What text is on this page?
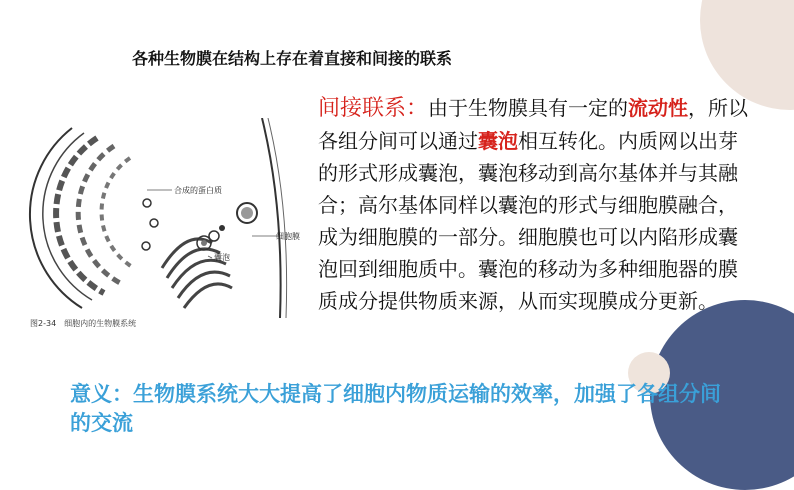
各种生物膜在结构上存在着直接和间接的联系
合成的蛋白质
细胞膜
囊泡
图2-34　细胞内的生物膜系统
间接联系：由于生物膜具有一定的流动性，所以各组分间可以通过囊泡相互转化。内质网以出芽的形式形成囊泡，囊泡移动到高尔基体并与其融合；高尔基体同样以囊泡的形式与细胞膜融合，成为细胞膜的一部分。细胞膜也可以内陷形成囊泡回到细胞质中。囊泡的移动为多种细胞器的膜质成分提供物质来源，从而实现膜成分更新。
意义：生物膜系统大大提高了细胞内物质运输的效率，加强了各组分间的交流
